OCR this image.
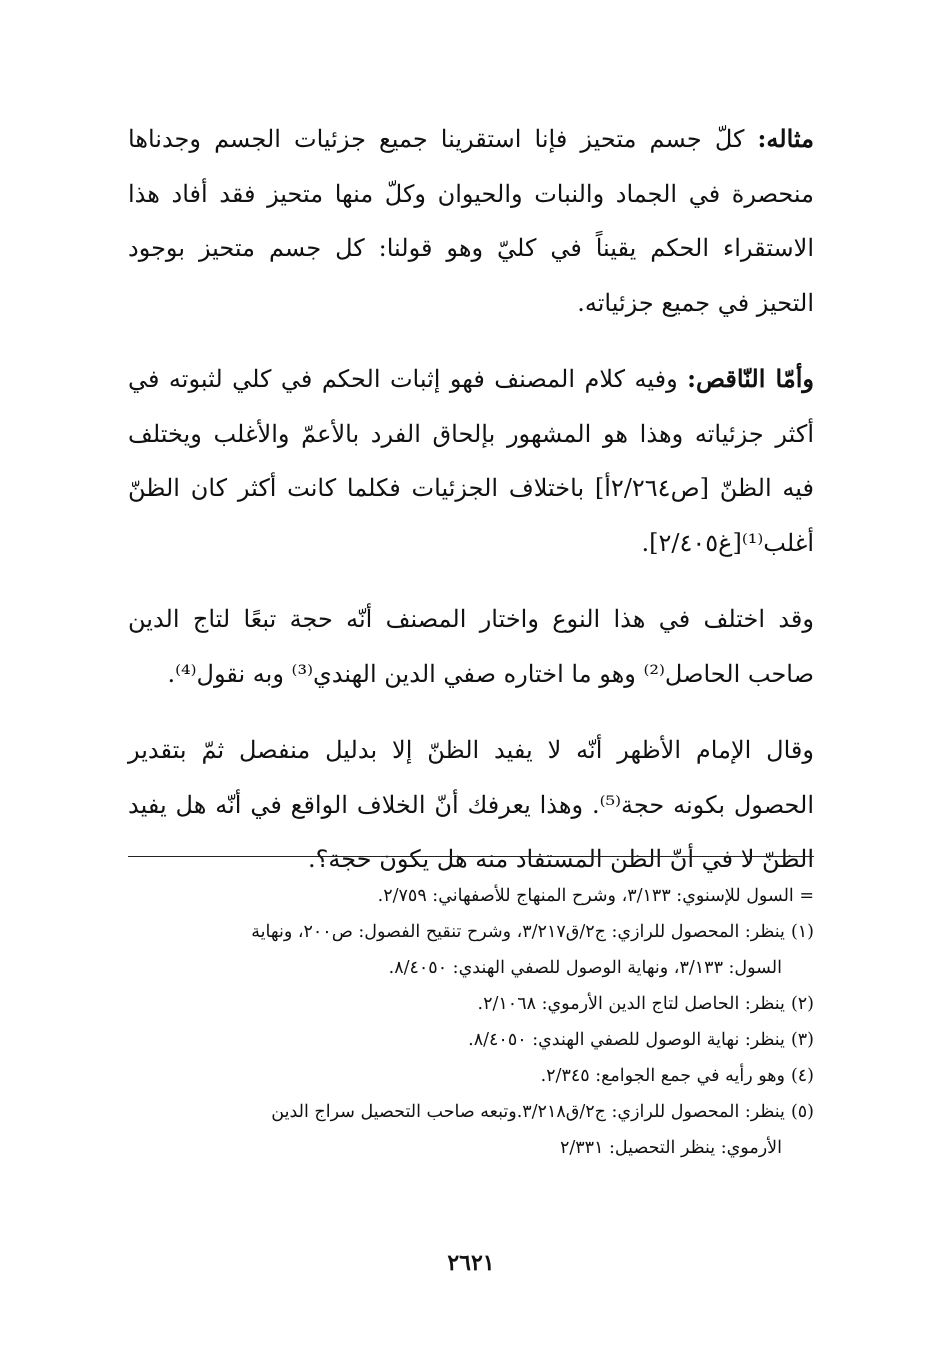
مثاله: كلّ جسم متحيز فإنا استقرينا جميع جزئيات الجسم وجدناها منحصرة في الجماد والنبات والحيوان وكلّ منها متحيز فقد أفاد هذا الاستقراء الحكم يقيناً في كليّ وهو قولنا: كل جسم متحيز بوجود التحيز في جميع جزئياته.

وأمّا النّاقص: وفيه كلام المصنف فهو إثبات الحكم في كلي لثبوته في أكثر جزئياته وهذا هو المشهور بإلحاق الفرد بالأعمّ والأغلب ويختلف فيه الظنّ [ص٢/٢٦٤أ] باختلاف الجزئيات فكلما كانت أكثر كان الظنّ أغلب⁽¹⁾[غ٢/٤٠٥].

وقد اختلف في هذا النوع واختار المصنف أنّه حجة تبعًا لتاج الدين صاحب الحاصل⁽²⁾ وهو ما اختاره صفي الدين الهندي⁽³⁾ وبه نقول⁽⁴⁾.

وقال الإمام الأظهر أنّه لا يفيد الظنّ إلا بدليل منفصل ثمّ بتقدير الحصول بكونه حجة⁽⁵⁾. وهذا يعرفك أنّ الخلاف الواقع في أنّه هل يفيد الظنّ لا في أنّ الظن المستفاد منه هل يكون حجة؟.

= السول للإسنوي: ٣/١٣٣، وشرح المنهاج للأصفهاني: ٢/٧٥٩.

(١)ينظر: المحصول للرازي: ج٢/ق٣/٢١٧، وشرح تنقيح الفصول: ص٢٠٠، ونهاية
السول: ٣/١٣٣، ونهاية الوصول للصفي الهندي: ٨/٤٠٥٠.

(٢)ينظر: الحاصل لتاج الدين الأرموي: ٢/١٠٦٨.

(٣)ينظر: نهاية الوصول للصفي الهندي: ٨/٤٠٥٠.

(٤)وهو رأيه في جمع الجوامع: ٢/٣٤٥.

(٥)ينظر: المحصول للرازي: ج٢/ق٣/٢١٨.وتبعه صاحب التحصيل سراج الدين
الأرموي: ينظر التحصيل: ٢/٣٣١

٢٦٢١
